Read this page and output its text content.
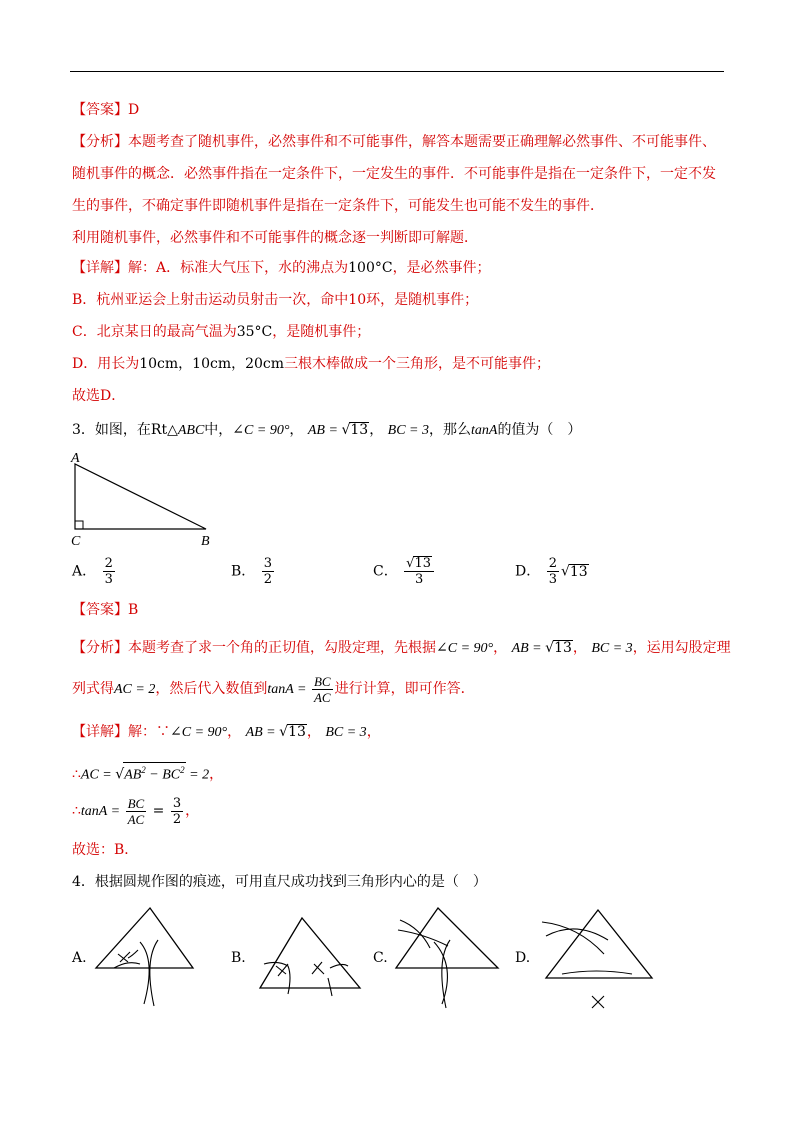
【答案】D
【分析】本题考查了随机事件，必然事件和不可能事件，解答本题需要正确理解必然事件、不可能事件、
随机事件的概念．必然事件指在一定条件下，一定发生的事件．不可能事件是指在一定条件下，一定不发
生的事件，不确定事件即随机事件是指在一定条件下，可能发生也可能不发生的事件．
利用随机事件，必然事件和不可能事件的概念逐一判断即可解题．
【详解】解：A．标准大气压下，水的沸点为100°C，是必然事件；
B．杭州亚运会上射击运动员射击一次，命中10环，是随机事件；
C．北京某日的最高气温为35°C，是随机事件；
D．用长为10cm，10cm，20cm三根木棒做成一个三角形，是不可能事件；
故选D．
3．如图，在Rt△ABC中，∠C = 90°， AB = √13， BC = 3，那么tanA的值为（　）
A
C	B
A． $\frac{2}{3}$	B． $\frac{3}{2}$	C． $\frac{√13}{3}$	D． $\frac{2}{3} √13$
【答案】B
【分析】本题考查了求一个角的正切值，勾股定理，先根据∠C = 90°， AB = √13， BC = 3，运用勾股定理
列式得AC = 2，然后代入数值到$\tan A = \frac{BC}{AC}$ 进行计算，即可作答．
【详解】解：∵∠C = 90°， AB = √13， BC = 3，
∴AC = $√AB^2 - BC^2 = 2$，
∴tanA = $\frac{BC}{AC} = \frac{3}{2}$ ，
故选：B．
4．根据圆规作图的痕迹，可用直尺成功找到三角形内心的是（　）
A.	B.	C.	D.
